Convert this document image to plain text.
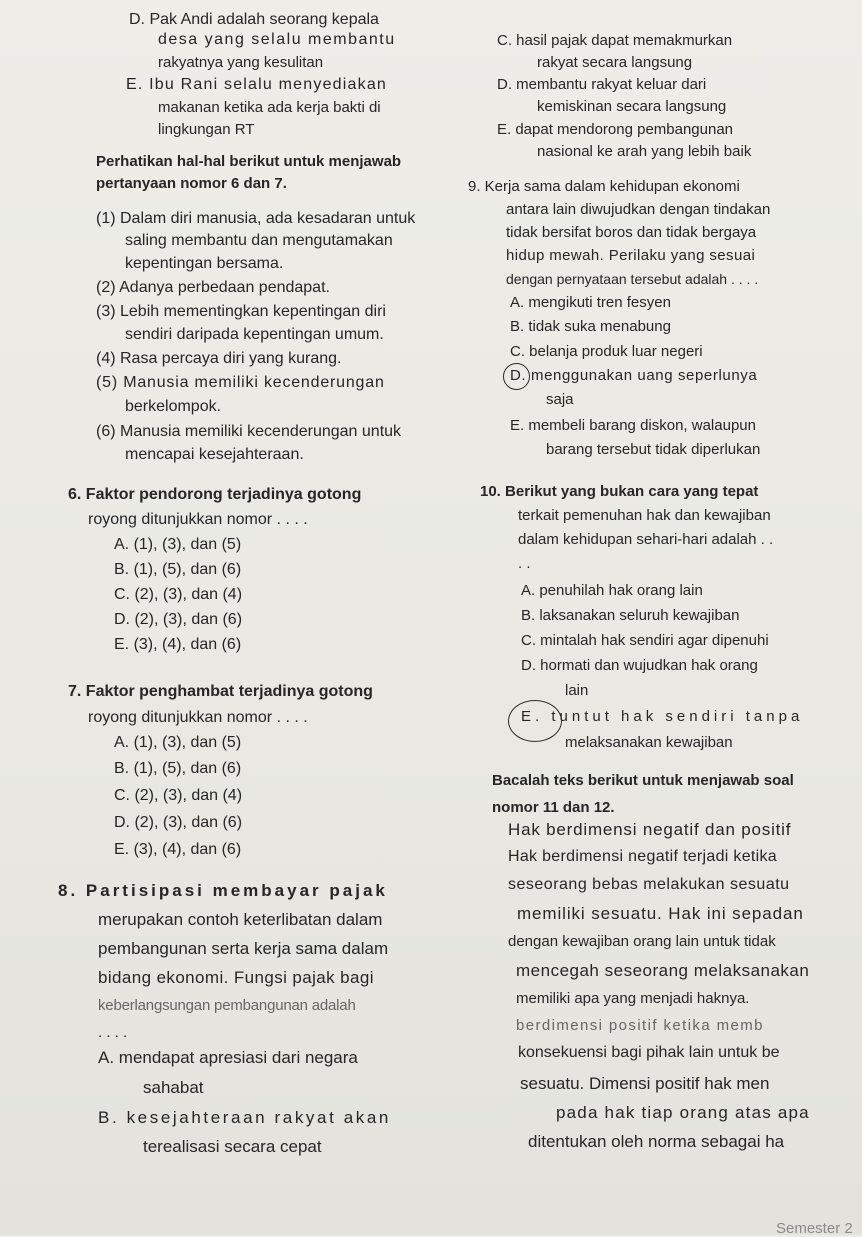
D. Pak Andi adalah seorang kepala
desa yang selalu membantu
rakyatnya yang kesulitan
E. Ibu Rani selalu menyediakan
makanan ketika ada kerja bakti di
lingkungan RT
Perhatikan hal-hal berikut untuk menjawab
pertanyaan nomor 6 dan 7.
(1) Dalam diri manusia, ada kesadaran untuk
saling membantu dan mengutamakan
kepentingan bersama.
(2) Adanya perbedaan pendapat.
(3) Lebih mementingkan kepentingan diri
sendiri daripada kepentingan umum.
(4) Rasa percaya diri yang kurang.
(5) Manusia memiliki kecenderungan
berkelompok.
(6) Manusia memiliki kecenderungan untuk
mencapai kesejahteraan.
6. Faktor pendorong terjadinya gotong
royong ditunjukkan nomor . . . .
A. (1), (3), dan (5)
B. (1), (5), dan (6)
C. (2), (3), dan (4)
D. (2), (3), dan (6)
E. (3), (4), dan (6)
7. Faktor penghambat terjadinya gotong
royong ditunjukkan nomor . . . .
A. (1), (3), dan (5)
B. (1), (5), dan (6)
C. (2), (3), dan (4)
D. (2), (3), dan (6)
E. (3), (4), dan (6)
8. Partisipasi membayar pajak
merupakan contoh keterlibatan dalam
pembangunan serta kerja sama dalam
bidang ekonomi. Fungsi pajak bagi
keberlangsungan pembangunan adalah
. . . .
A. mendapat apresiasi dari negara
sahabat
B. kesejahteraan rakyat akan
terealisasi secara cepat
C. hasil pajak dapat memakmurkan
rakyat secara langsung
D. membantu rakyat keluar dari
kemiskinan secara langsung
E. dapat mendorong pembangunan
nasional ke arah yang lebih baik
9. Kerja sama dalam kehidupan ekonomi
antara lain diwujudkan dengan tindakan
tidak bersifat boros dan tidak bergaya
hidup mewah. Perilaku yang sesuai
dengan pernyataan tersebut adalah . . . .
A. mengikuti tren fesyen
B. tidak suka menabung
C. belanja produk luar negeri
D. menggunakan uang seperlunya
saja
E. membeli barang diskon, walaupun
barang tersebut tidak diperlukan
10. Berikut yang bukan cara yang tepat
terkait pemenuhan hak dan kewajiban
dalam kehidupan sehari-hari adalah . .
. .
A. penuhilah hak orang lain
B. laksanakan seluruh kewajiban
C. mintalah hak sendiri agar dipenuhi
D. hormati dan wujudkan hak orang
lain
E. tuntut hak sendiri tanpa
melaksanakan kewajiban
Bacalah teks berikut untuk menjawab soal
nomor 11 dan 12.
Hak berdimensi negatif dan positif
Hak berdimensi negatif terjadi ketika
seseorang bebas melakukan sesuatu
memiliki sesuatu. Hak ini sepadan
dengan kewajiban orang lain untuk tidak
mencegah seseorang melaksanakan
memiliki apa yang menjadi haknya.
berdimensi positif ketika memb
konsekuensi bagi pihak lain untuk be
sesuatu. Dimensi positif hak men
pada hak tiap orang atas apa
ditentukan oleh norma sebagai ha
Semester 2
